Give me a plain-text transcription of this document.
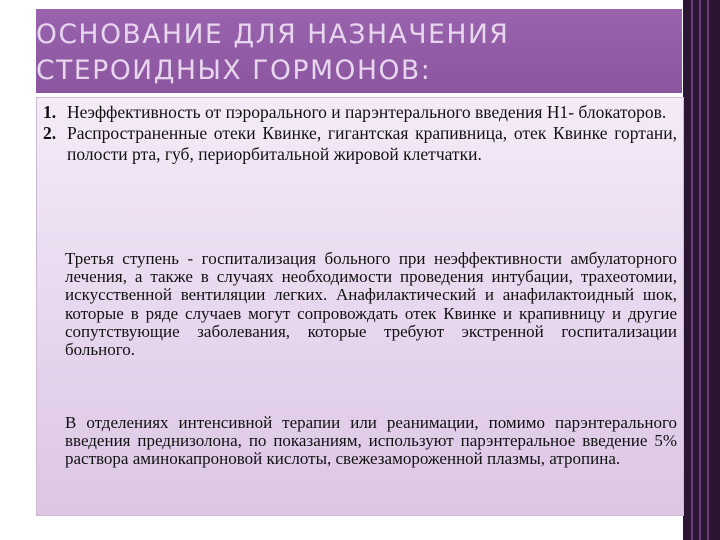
ОСНОВАНИЕ ДЛЯ НАЗНАЧЕНИЯ СТЕРОИДНЫХ ГОРМОНОВ:
1. Неэффективность от пэрорального и парэнтерального введения Н1- блокаторов.
2. Распространенные отеки Квинке, гигантская крапивница, отек Квинке гортани, полости рта, губ, периорбитальной жировой клетчатки.
Третья ступень - госпитализация больного при неэффективности амбулаторного лечения, а также в случаях необходимости проведения интубации, трахеотомии, искусственной вентиляции легких. Анафилактический и анафилактоидный шок, которые в ряде случаев могут сопровождать отек Квинке и крапивницу и другие сопутствующие заболевания, которые требуют экстренной госпитализации больного.
В отделениях интенсивной терапии или реанимации, помимо парэнтерального введения преднизолона, по показаниям, используют парэнтеральное введение 5% раствора аминокапроновой кислоты, свежезамороженной плазмы, атропина.
